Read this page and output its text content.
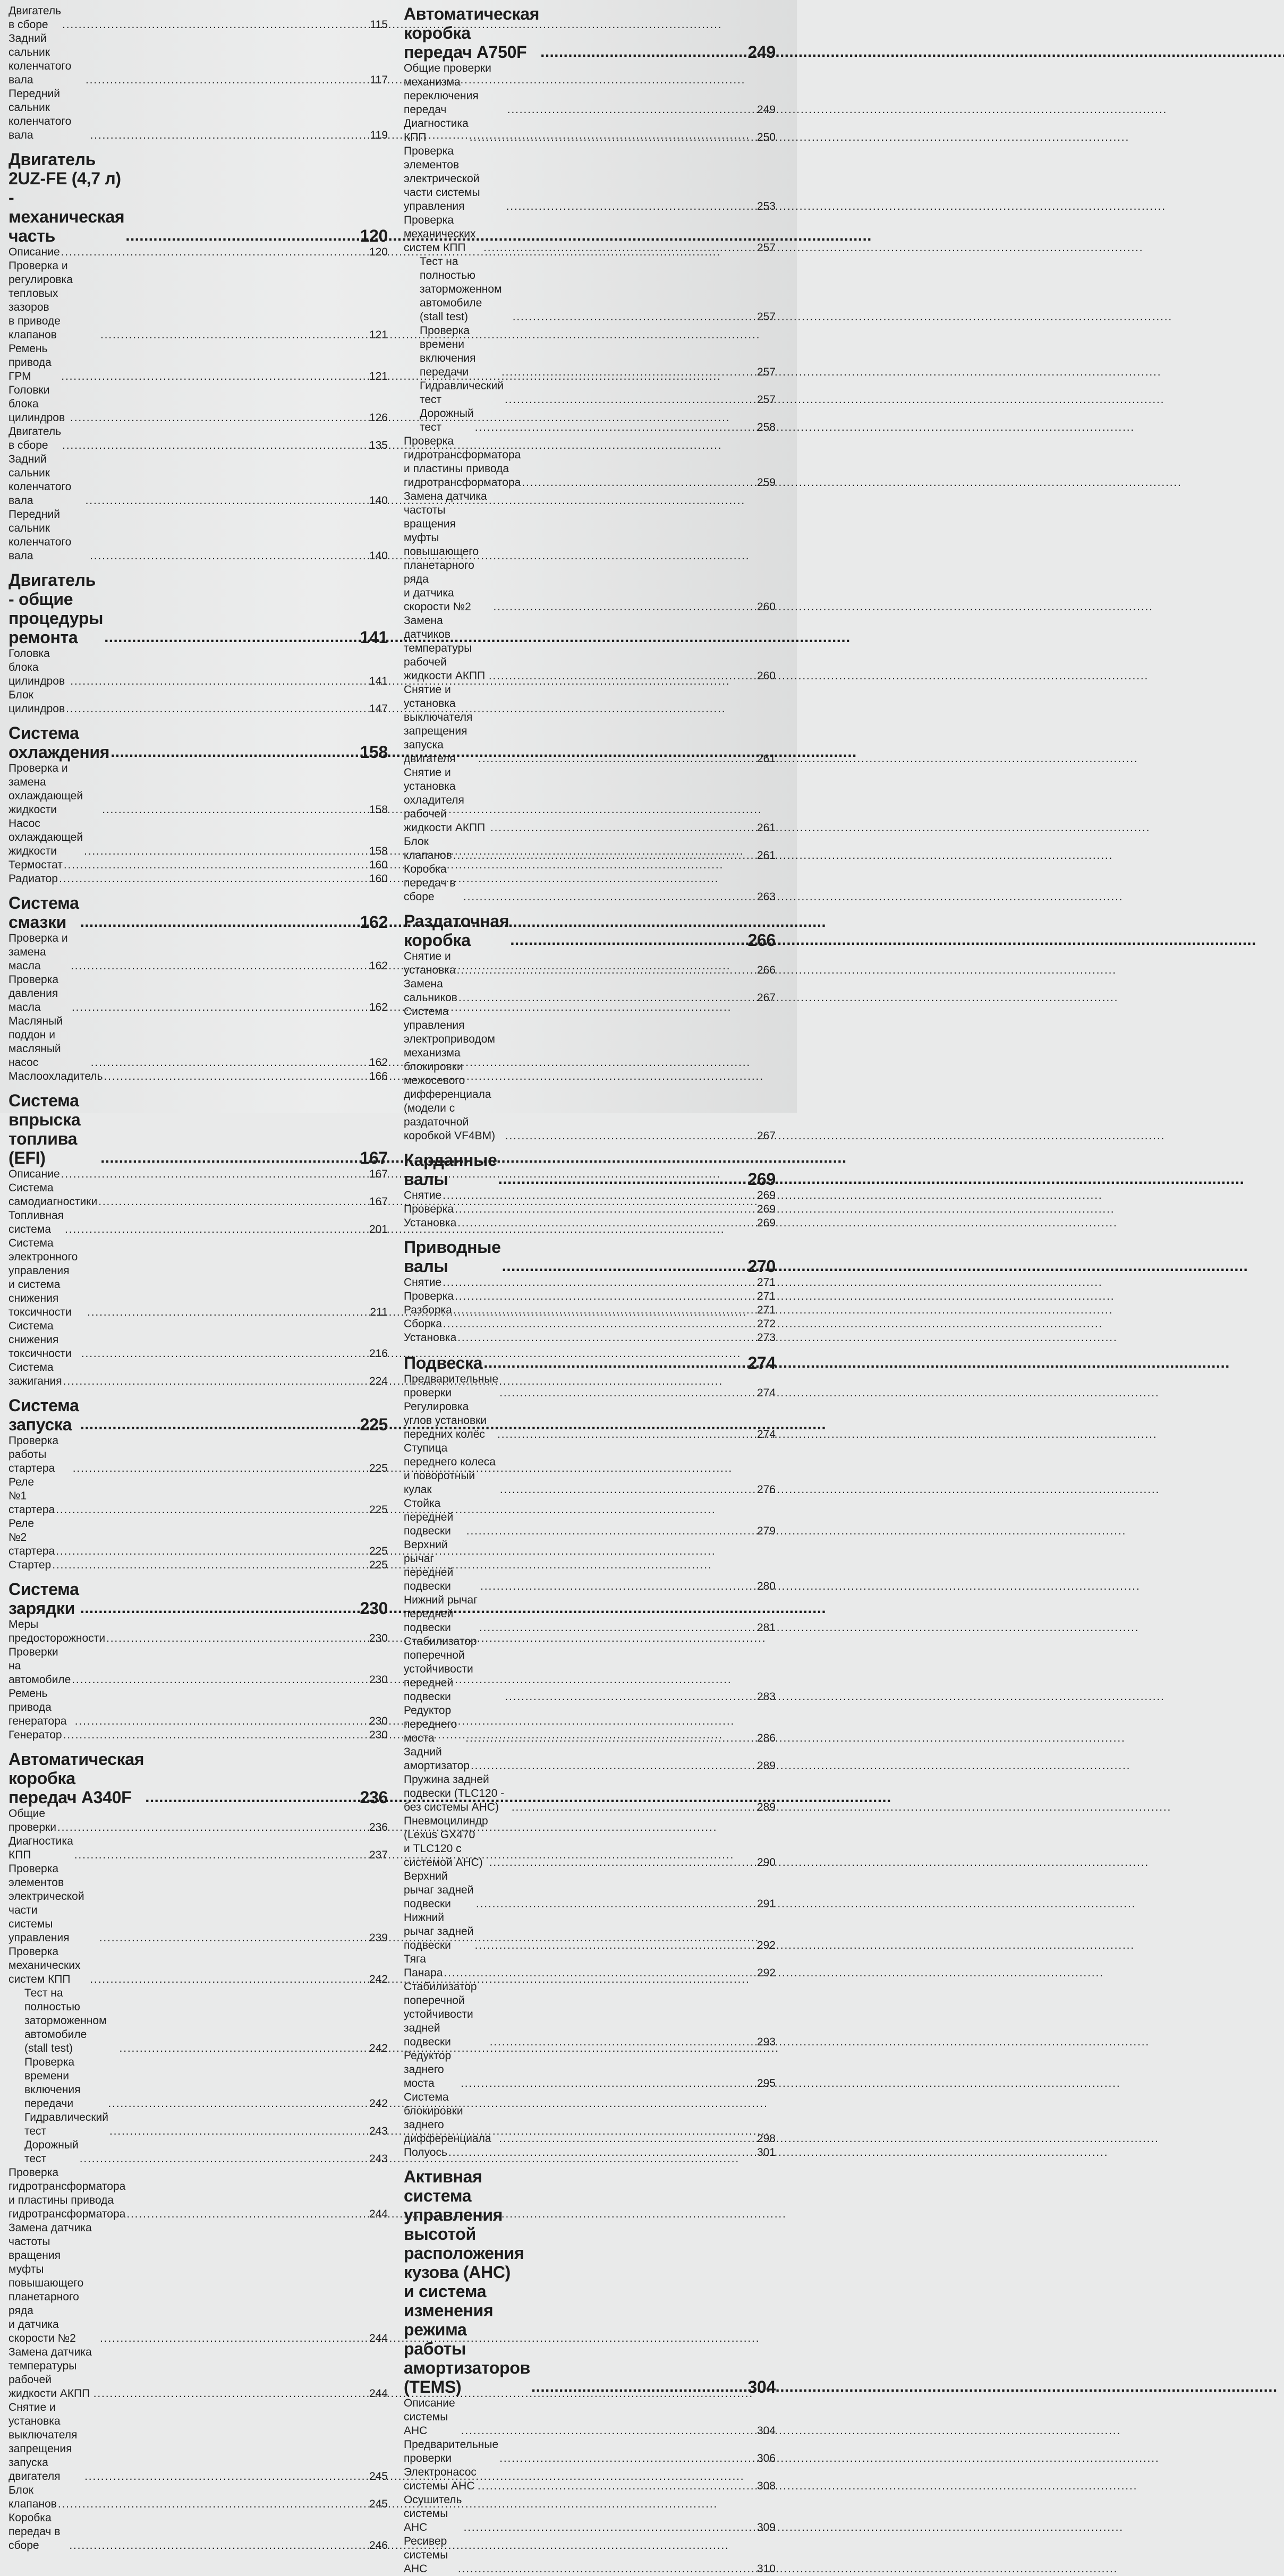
Двигатель в сборе . . .	115
Задний сальник коленчатого вала . . .	117
Передний сальник коленчатого вала . . .	119
Двигатель 2UZ-FE (4,7 л)
- механическая часть . . .	120
Описание . . .	120
Проверка и регулировка тепловых зазоров
в приводе клапанов . . .	121
Ремень привода ГРМ . . .	121
Головки блока цилиндров . . .	126
Двигатель в сборе . . .	135
Задний сальник коленчатого вала . . .	140
Передний сальник коленчатого вала . . .	140
Двигатель - общие процедуры
ремонта . . .	141
Головка блока цилиндров . . .	141
Блок цилиндров . . .	147
Система охлаждения . . .	158
Проверка и замена охлаждающей жидкости . . .	158
Насос охлаждающей жидкости . . .	158
Термостат . . .	160
Радиатор . . .	160
Система смазки . . .	162
Проверка и замена масла . . .	162
Проверка давления масла . . .	162
Масляный поддон и масляный насос . . .	162
Маслоохладитель . . .	166
Система впрыска топлива (EFI) . . .	167
Описание . . .	167
Система самодиагностики . . .	167
Топливная система . . .	201
Система электронного управления
и система снижения токсичности . . .	211
Система снижения токсичности . . .	216
Система зажигания . . .	224
Система запуска . . .	225
Проверка работы стартера . . .	225
Реле №1 стартера . . .	225
Реле №2 стартера . . .	225
Стартер . . .	225
Система зарядки . . .	230
Меры предосторожности . . .	230
Проверки на автомобиле . . .	230
Ремень привода генератора . . .	230
Генератор . . .	230
Автоматическая коробка
передач A340F . . .	236
Общие проверки . . .	236
Диагностика КПП . . .	237
Проверка элементов электрической части
системы управления . . .	239
Проверка механических систем КПП . . .	242
Тест на полностью заторможенном автомобиле
(stall test) . . .	242
Проверка времени включения передачи . . .	242
Гидравлический тест . . .	243
Дорожный тест . . .	243
Проверка гидротрансформатора и пластины привода
гидротрансформатора . . .	244
Замена датчика частоты вращения муфты
повышающего планетарного ряда
и датчика скорости №2 . . .	244
Замена датчика температуры рабочей
жидкости АКПП . . .	244
Снятие и установка выключателя
запрещения запуска двигателя . . .	245
Блок клапанов . . .	245
Коробка передач в сборе . . .	246
Автоматическая коробка
передач A750F . . .	249
Общие проверки механизма переключения передач . . .	249
Диагностика КПП . . .	250
Проверка элементов электрической части системы
управления . . .	253
Проверка механических систем КПП . . .	257
Тест на полностью заторможенном автомобиле
(stall test) . . .	257
Проверка времени включения передачи . . .	257
Гидравлический тест . . .	257
Дорожный тест . . .	258
Проверка гидротрансформатора
и пластины привода гидротрансформатора . . .	259
Замена датчика частоты вращения муфты
повышающего планетарного ряда
и датчика скорости №2 . . .	260
Замена датчиков температуры рабочей
жидкости АКПП . . .	260
Снятие и установка выключателя
запрещения запуска двигателя . . .	261
Снятие и установка охладителя рабочей
жидкости АКПП . . .	261
Блок клапанов . . .	261
Коробка передач в сборе . . .	263
Раздаточная коробка . . .	266
Снятие и установка . . .	266
Замена сальников . . .	267
Система управления электроприводом механизма
блокировки межосевого дифференциала
(модели с раздаточной коробкой VF4BM) . . .	267
Карданные валы . . .	269
Снятие . . .	269
Проверка . . .	269
Установка . . .	269
Приводные валы . . .	270
Снятие . . .	271
Проверка . . .	271
Разборка . . .	271
Сборка . . .	272
Установка . . .	273
Подвеска . . .	274
Предварительные проверки . . .	274
Регулировка углов установки передних колёс . . .	274
Ступица переднего колеса и поворотный кулак . . .	276
Стойка передней подвески . . .	279
Верхний рычаг передней подвески . . .	280
Нижний рычаг передней подвески . . .	281
Стабилизатор поперечной устойчивости передней
подвески . . .	283
Редуктор переднего моста . . .	286
Задний амортизатор . . .	289
Пружина задней подвески (TLC120 - без системы AHC) . . .	289
Пневмоцилиндр (Lexus GX470
и TLC120 с системой AHC) . . .	290
Верхний рычаг задней подвески . . .	291
Нижний рычаг задней подвески . . .	292
Тяга Панара . . .	292
Стабилизатор поперечной устойчивости
задней подвески . . .	293
Редуктор заднего моста . . .	295
Система блокировки заднего дифференциала . . .	298
Полуось . . .	301
Активная система управления
высотой расположения кузова (AHC)
и система изменения режима работы
амортизаторов (TEMS) . . .	304
Описание системы AHC . . .	304
Предварительные проверки . . .	306
Электронасос системы AHC . . .	308
Осушитель системы AHC . . .	309
Ресивер системы AHC . . .	310
